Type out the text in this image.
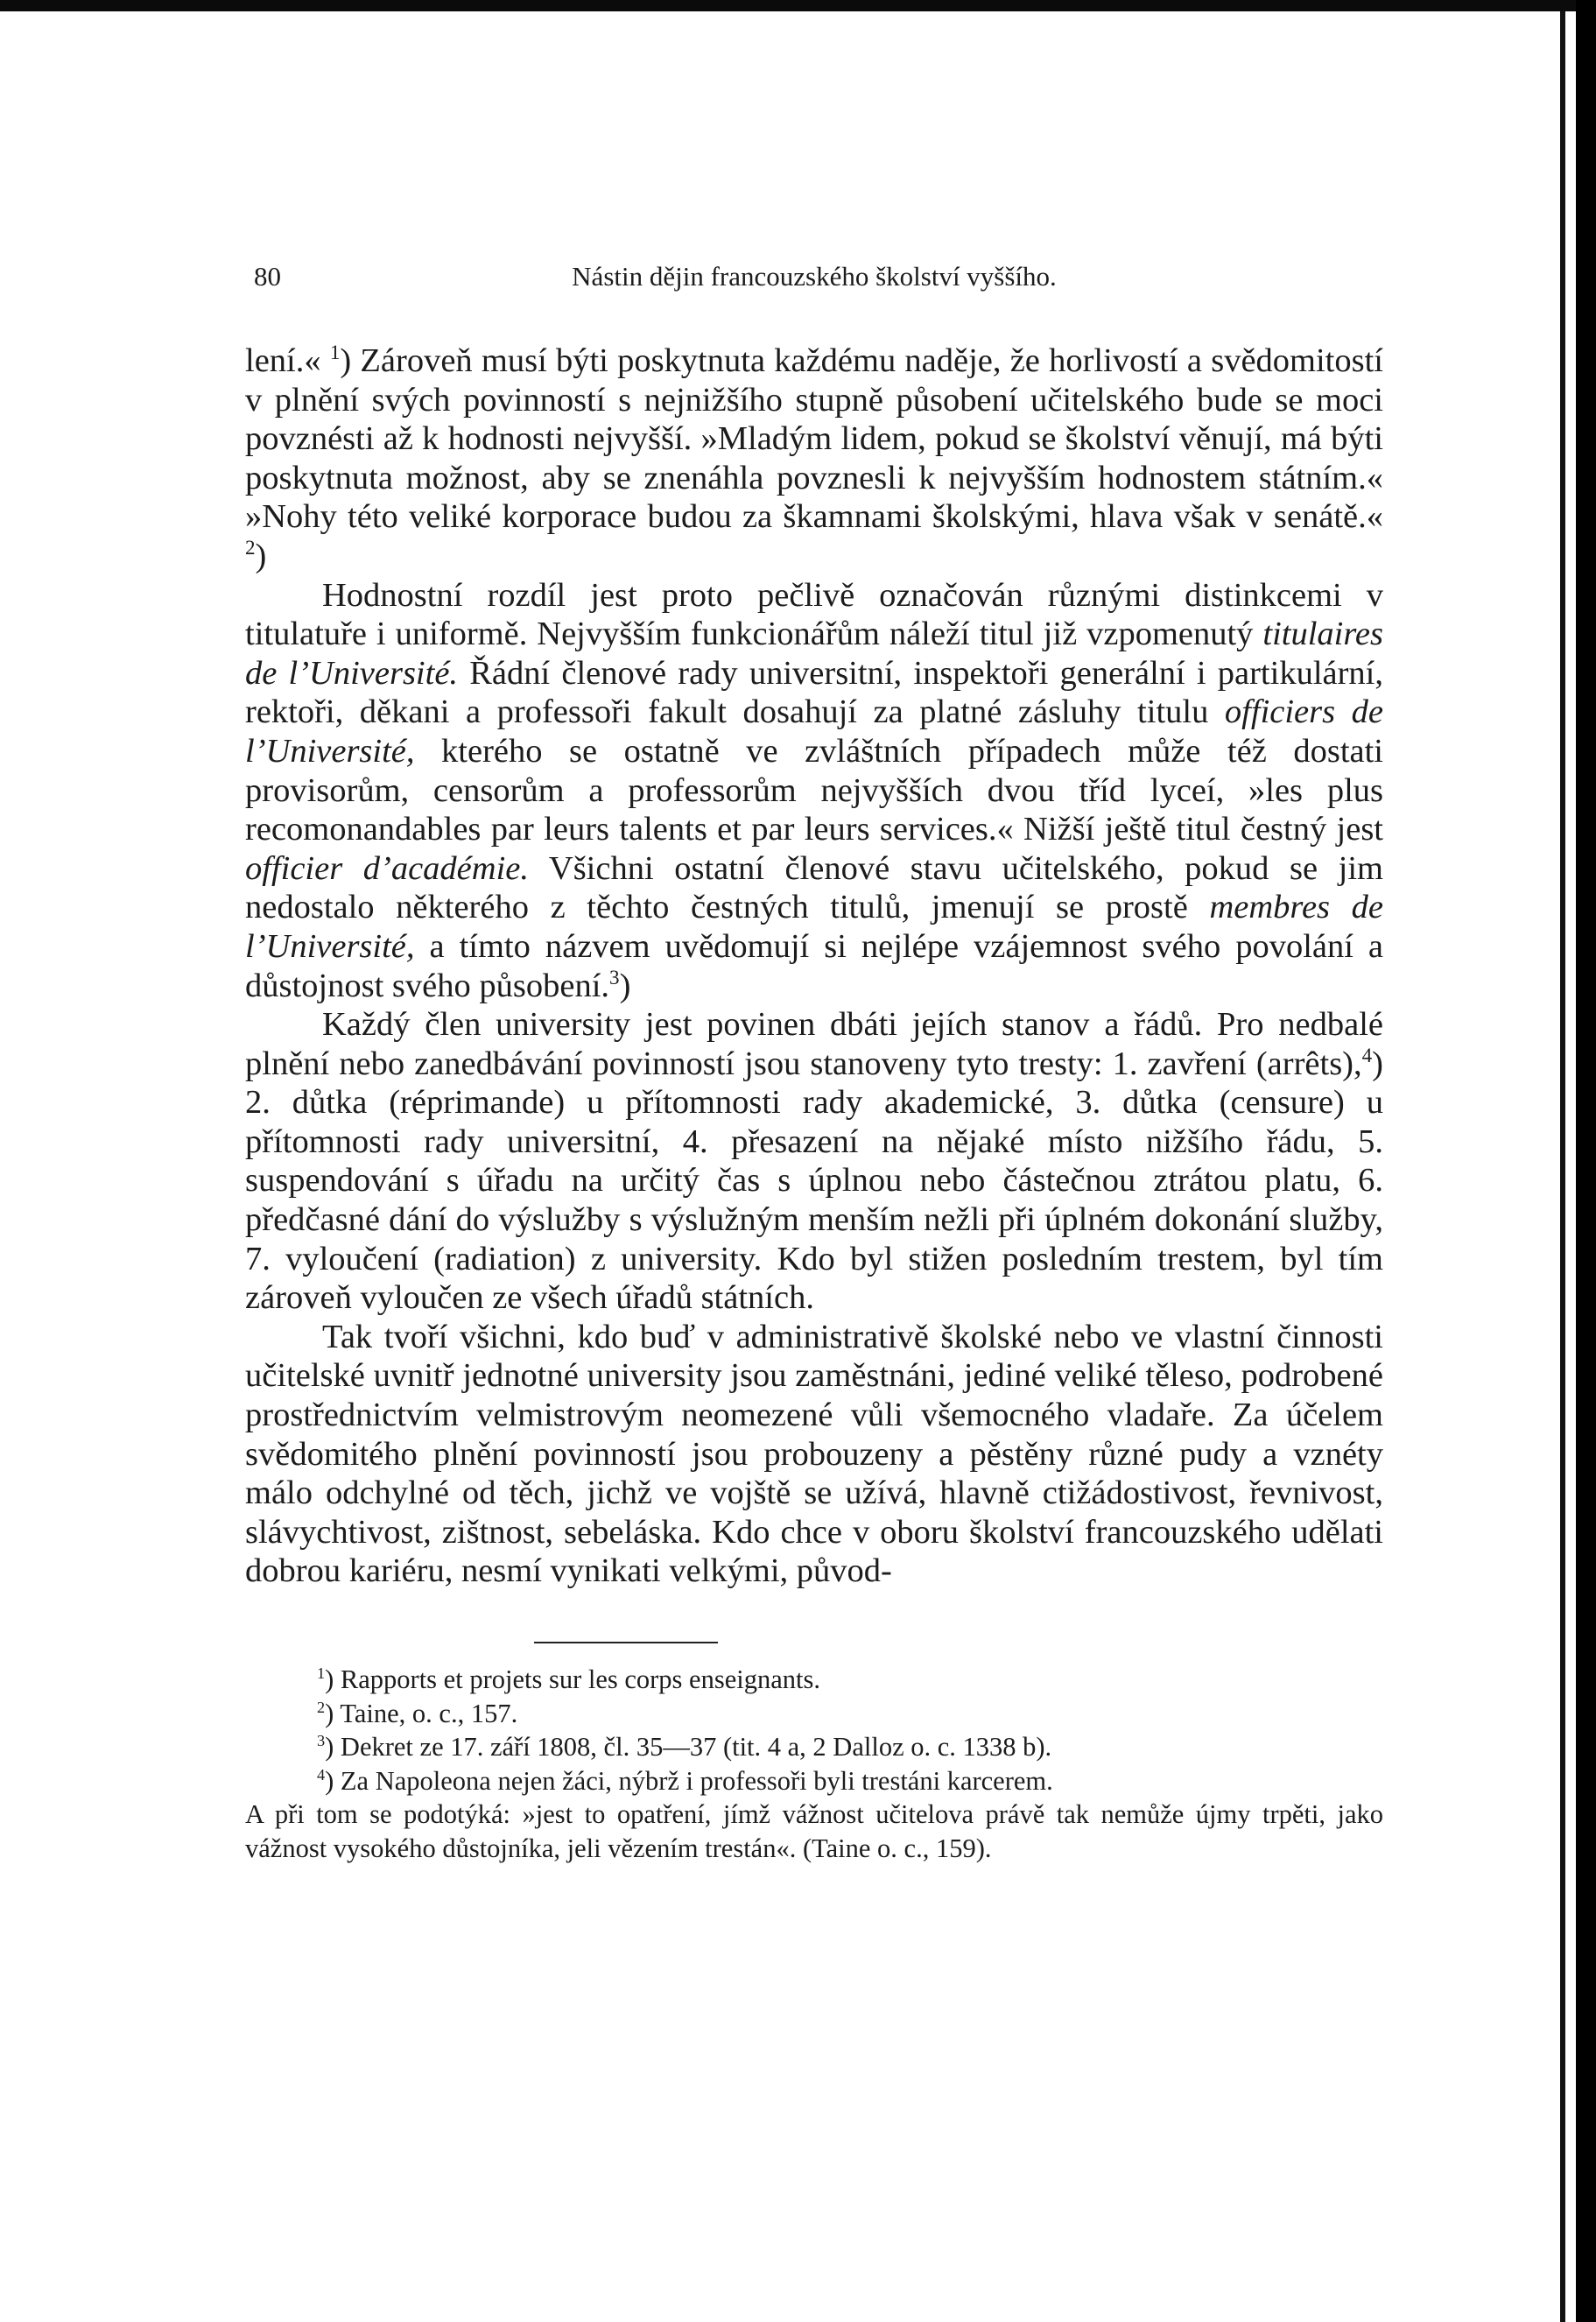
80	Nástin dějin francouzského školství vyššího.

lení.« $^1$) Zároveň musí býti poskytnuta každému naděje, že horlivostí a svědomitostí v plnění svých povinností s nejnižšího stupně působení učitelského bude se moci povznésti až k hodnosti nejvyšší. »Mladým lidem, pokud se školství věnují, má býti poskytnuta možnost, aby se znenáhla povznesli k nejvyšším hodnostem státním.« »Nohy této veliké korporace budou za škamnami školskými, hlava však v senátě.« $^2$)

Hodnostní rozdíl jest proto pečlivě označován různými distinkcemi v titulatuře i uniformě. Nejvyšším funkcionářům náleží titul již vzpomenutý titulaires de l’Université. Řádní členové rady universitní, inspektoři generální i partikulární, rektoři, děkani a professoři fakult dosahují za platné zásluhy titulu officiers de l’Université, kterého se ostatně ve zvláštních případech může též dostati provisorům, censorům a professorům nejvyšších dvou tříd lyceí, »les plus recomonandables par leurs talents et par leurs services.« Nižší ještě titul čestný jest officier d’académie. Všichni ostatní členové stavu učitelského, pokud se jim nedostalo některého z těchto čestných titulů, jmenují se prostě membres de l’Université, a tímto názvem uvědomují si nejlépe vzájemnost svého povolání a důstojnost svého působení.$^3$)

Každý člen university jest povinen dbáti jejích stanov a řádů. Pro nedbalé plnění nebo zanedbávání povinností jsou stanoveny tyto tresty: 1. zavření (arrêts),$^4$) 2. důtka (réprimande) u přítomnosti rady akademické, 3. důtka (censure) u přítomnosti rady universitní, 4. přesazení na nějaké místo nižšího řádu, 5. suspendování s úřadu na určitý čas s úplnou nebo částečnou ztrátou platu, 6. předčasné dání do výslužby s výslužným menším nežli při úplném dokonání služby, 7. vyloučení (radiation) z university. Kdo byl stižen posledním trestem, byl tím zároveň vyloučen ze všech úřadů státních.

Tak tvoří všichni, kdo buď v administrativě školské nebo ve vlastní činnosti učitelské uvnitř jednotné university jsou zaměstnáni, jediné veliké těleso, podrobené prostřednictvím velmistrovým neomezené vůli všemocného vladaře. Za účelem svědomitého plnění povinností jsou probouzeny a pěstěny různé pudy a vznéty málo odchylné od těch, jichž ve vojště se užívá, hlavně ctižádostivost, řevnivost, slávychtivost, zištnost, sebeláska. Kdo chce v oboru školství francouzského udělati dobrou kariéru, nesmí vynikati velkými, původ-

$^1$) Rapports et projets sur les corps enseignants.

$^2$) Taine, o. c., 157.

$^3$) Dekret ze 17. září 1808, čl. 35—37 (tit. 4 a, 2 Dalloz o. c. 1338 b).

$^4$) Za Napoleona nejen žáci, nýbrž i professoři byli trestáni karcerem.

A při tom se podotýká: »jest to opatření, jímž vážnost učitelova právě tak nemůže újmy trpěti, jako vážnost vysokého důstojníka, jeli vězením trestán«. (Taine o. c., 159).
